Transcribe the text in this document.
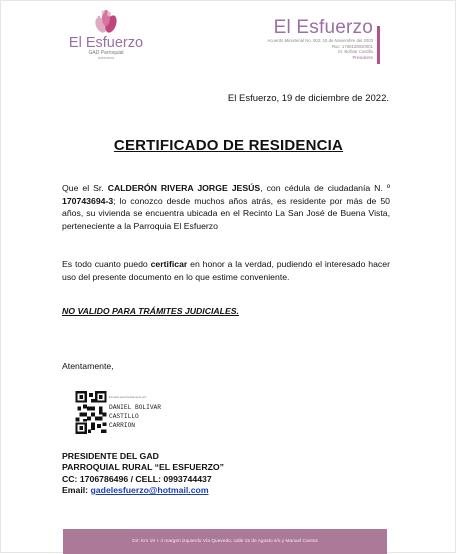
El Esfuerzo
GAD Parroquial
autonomía
El Esfuerzo
Acuerdo Ministerial No. 002, 15 de Noviembre del 2003
Ruc: 1768128020001
Sr. Bolívar Castillo
Presidente
El Esfuerzo, 19 de diciembre de 2022.
CERTIFICADO DE RESIDENCIA
Que el Sr. CALDERÓN RIVERA JORGE JESÚS, con cédula de ciudadanía N. º 170743694-3; lo conozco desde muchos años atrás, es residente por más de 50 años, su vivienda se encuentra ubicada en el Recinto La San José de Buena Vista, perteneciente a la Parroquia El Esfuerzo
Es todo cuanto puedo certificar en honor a la verdad, pudiendo el interesado hacer uso del presente documento en lo que estime conveniente.
NO VALIDO PARA TRÁMITES JUDICIALES.
Atentamente,
Firmado electrónicamente por:
DANIEL BOLIVAR
CASTILLO
CARRION
PRESIDENTE DEL GAD
PARROQUIAL RURAL “EL ESFUERZO”
CC: 1706786496 / CELL: 0993744437
Email: gadelesfuerzo@hotmail.com
Dir: Km 19 + 4 margen izquierdo Vía Quevedo, calle 15 de Agosto s/n y Manuel Cantos
